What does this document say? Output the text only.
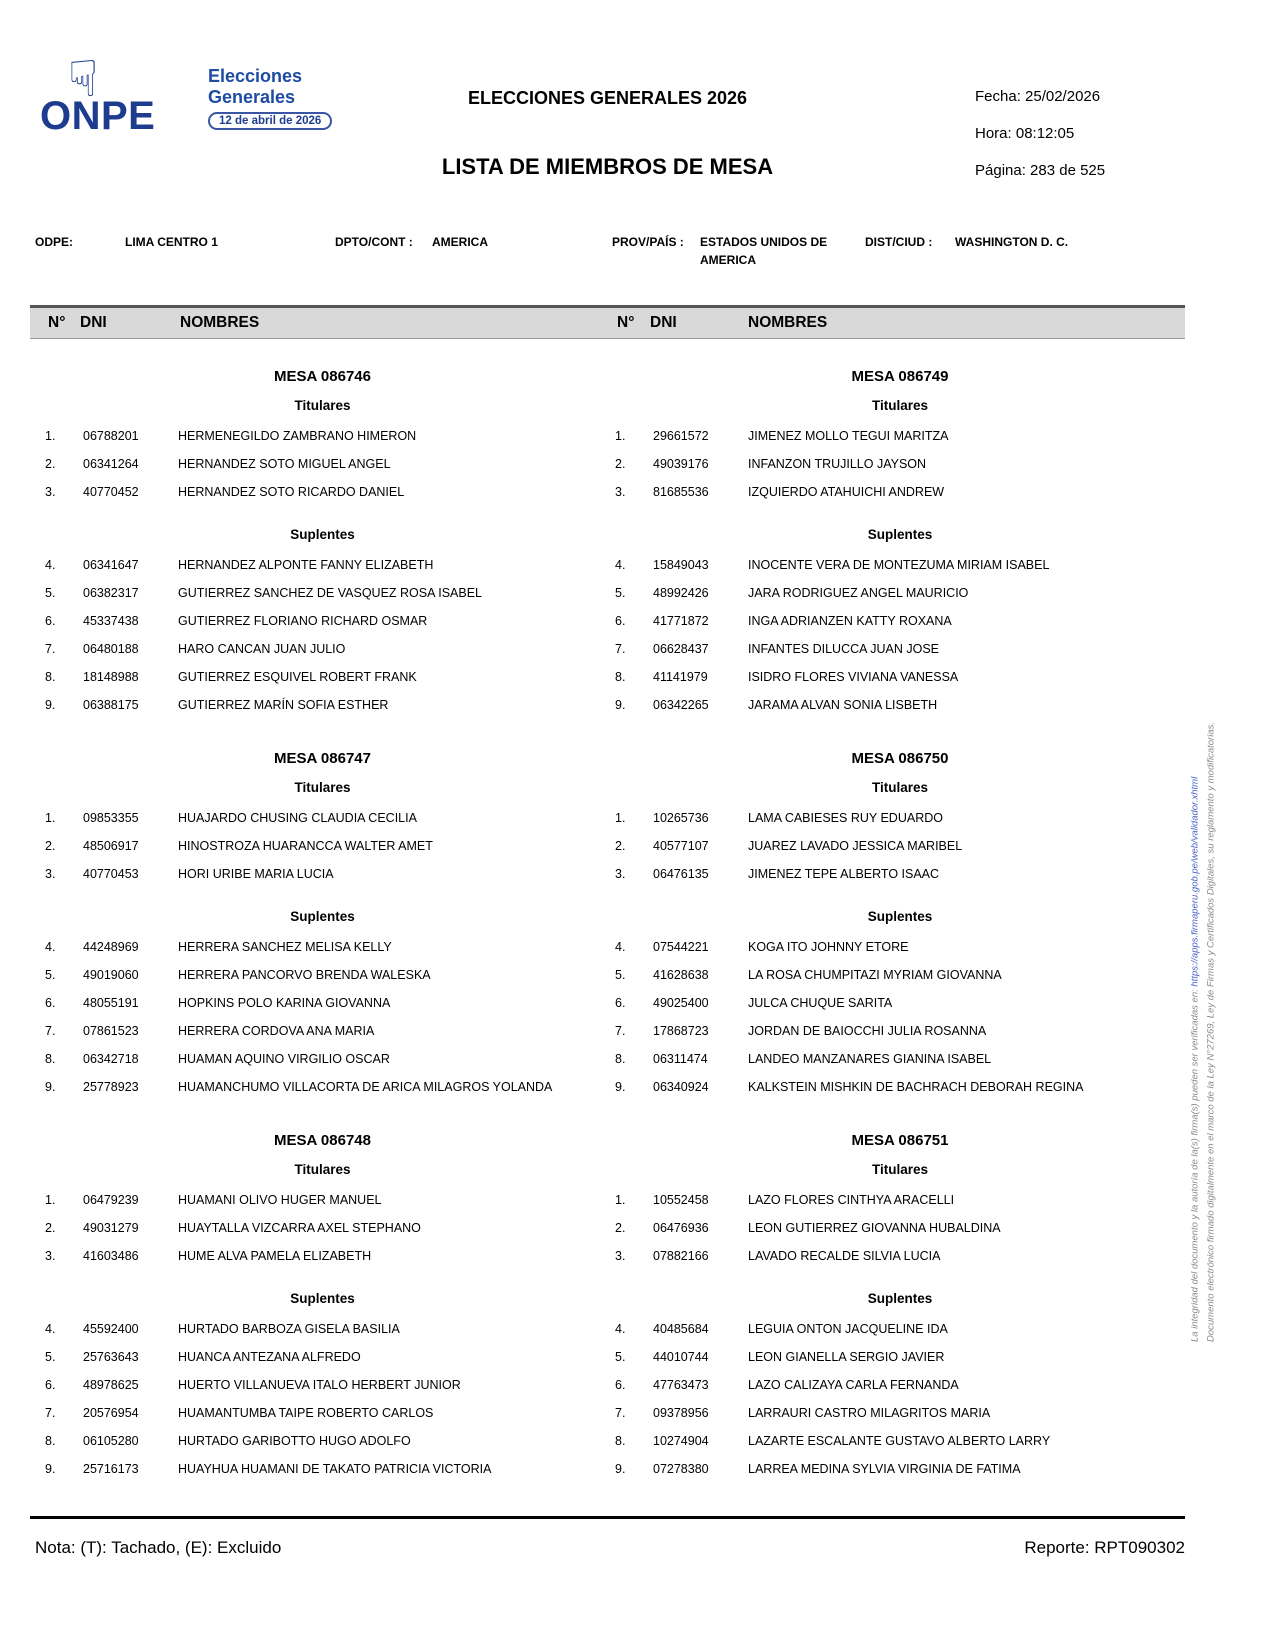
☟
ONPE
Elecciones
Generales
12 de abril de 2026
ELECCIONES GENERALES 2026
LISTA DE MIEMBROS DE MESA
Fecha: 25/02/2026
Hora: 08:12:05
Página: 283 de 525
ODPE:	LIMA CENTRO 1	DPTO/CONT : AMERICA	PROV/PAÍS : ESTADOS UNIDOS DE AMERICA
DIST/CIUD : WASHINGTON D. C.
N° DNI	NOMBRES	N° DNI	NOMBRES
MESA 086746
Titulares
1.	06788201	HERMENEGILDO ZAMBRANO HIMERON
2.	06341264	HERNANDEZ SOTO MIGUEL ANGEL
3.	40770452	HERNANDEZ SOTO RICARDO DANIEL
Suplentes
4.	06341647	HERNANDEZ ALPONTE FANNY ELIZABETH
5.	06382317	GUTIERREZ SANCHEZ DE VASQUEZ ROSA ISABEL
6.	45337438	GUTIERREZ FLORIANO RICHARD OSMAR
7.	06480188	HARO CANCAN JUAN JULIO
8.	18148988	GUTIERREZ ESQUIVEL ROBERT FRANK
9.	06388175	GUTIERREZ MARÍN SOFIA ESTHER
MESA 086747
Titulares
1.	09853355	HUAJARDO CHUSING CLAUDIA CECILIA
2.	48506917	HINOSTROZA HUARANCCA WALTER AMET
3.	40770453	HORI URIBE MARIA LUCIA
Suplentes
4.	44248969	HERRERA SANCHEZ MELISA KELLY
5.	49019060	HERRERA PANCORVO BRENDA WALESKA
6.	48055191	HOPKINS POLO KARINA GIOVANNA
7.	07861523	HERRERA CORDOVA ANA MARIA
8.	06342718	HUAMAN AQUINO VIRGILIO OSCAR
9.	25778923	HUAMANCHUMO VILLACORTA DE ARICA MILAGROS YOLANDA
MESA 086748
Titulares
1.	06479239	HUAMANI OLIVO HUGER MANUEL
2.	49031279	HUAYTALLA VIZCARRA AXEL STEPHANO
3.	41603486	HUME ALVA PAMELA ELIZABETH
Suplentes
4.	45592400	HURTADO BARBOZA GISELA BASILIA
5.	25763643	HUANCA ANTEZANA ALFREDO
6.	48978625	HUERTO VILLANUEVA ITALO HERBERT JUNIOR
7.	20576954	HUAMANTUMBA TAIPE ROBERTO CARLOS
8.	06105280	HURTADO GARIBOTTO HUGO ADOLFO
9.	25716173	HUAYHUA HUAMANI DE TAKATO PATRICIA VICTORIA
MESA 086749
Titulares
1.	29661572	JIMENEZ MOLLO TEGUI MARITZA
2.	49039176	INFANZON TRUJILLO JAYSON
3.	81685536	IZQUIERDO ATAHUICHI ANDREW
Suplentes
4.	15849043	INOCENTE VERA DE MONTEZUMA MIRIAM ISABEL
5.	48992426	JARA RODRIGUEZ ANGEL MAURICIO
6.	41771872	INGA ADRIANZEN KATTY ROXANA
7.	06628437	INFANTES DILUCCA JUAN JOSE
8.	41141979	ISIDRO FLORES VIVIANA VANESSA
9.	06342265	JARAMA ALVAN SONIA LISBETH
MESA 086750
Titulares
1.	10265736	LAMA CABIESES RUY EDUARDO
2.	40577107	JUAREZ LAVADO JESSICA MARIBEL
3.	06476135	JIMENEZ TEPE ALBERTO ISAAC
Suplentes
4.	07544221	KOGA ITO JOHNNY ETORE
5.	41628638	LA ROSA CHUMPITAZI MYRIAM GIOVANNA
6.	49025400	JULCA CHUQUE SARITA
7.	17868723	JORDAN DE BAIOCCHI JULIA ROSANNA
8.	06311474	LANDEO MANZANARES GIANINA ISABEL
9.	06340924	KALKSTEIN MISHKIN DE BACHRACH DEBORAH REGINA
MESA 086751
Titulares
1.	10552458	LAZO FLORES CINTHYA ARACELLI
2.	06476936	LEON GUTIERREZ GIOVANNA HUBALDINA
3.	07882166	LAVADO RECALDE SILVIA LUCIA
Suplentes
4.	40485684	LEGUIA ONTON JACQUELINE IDA
5.	44010744	LEON GIANELLA SERGIO JAVIER
6.	47763473	LAZO CALIZAYA CARLA FERNANDA
7.	09378956	LARRAURI CASTRO MILAGRITOS MARIA
8.	10274904	LAZARTE ESCALANTE GUSTAVO ALBERTO LARRY
9.	07278380	LARREA MEDINA SYLVIA VIRGINIA DE FATIMA
Nota: (T): Tachado, (E): Excluido	Reporte: RPT090302
Documento electrónico firmado digitalmente en el marco de la Ley N°27269, Ley de Firmas y Certificados Digitales, su reglamento y modificatorias.
La integridad del documento y la autoría de la(s) firma(s) pueden ser verificadas en: https://apps.firmaperu.gob.pe/web/validador.xhtml
